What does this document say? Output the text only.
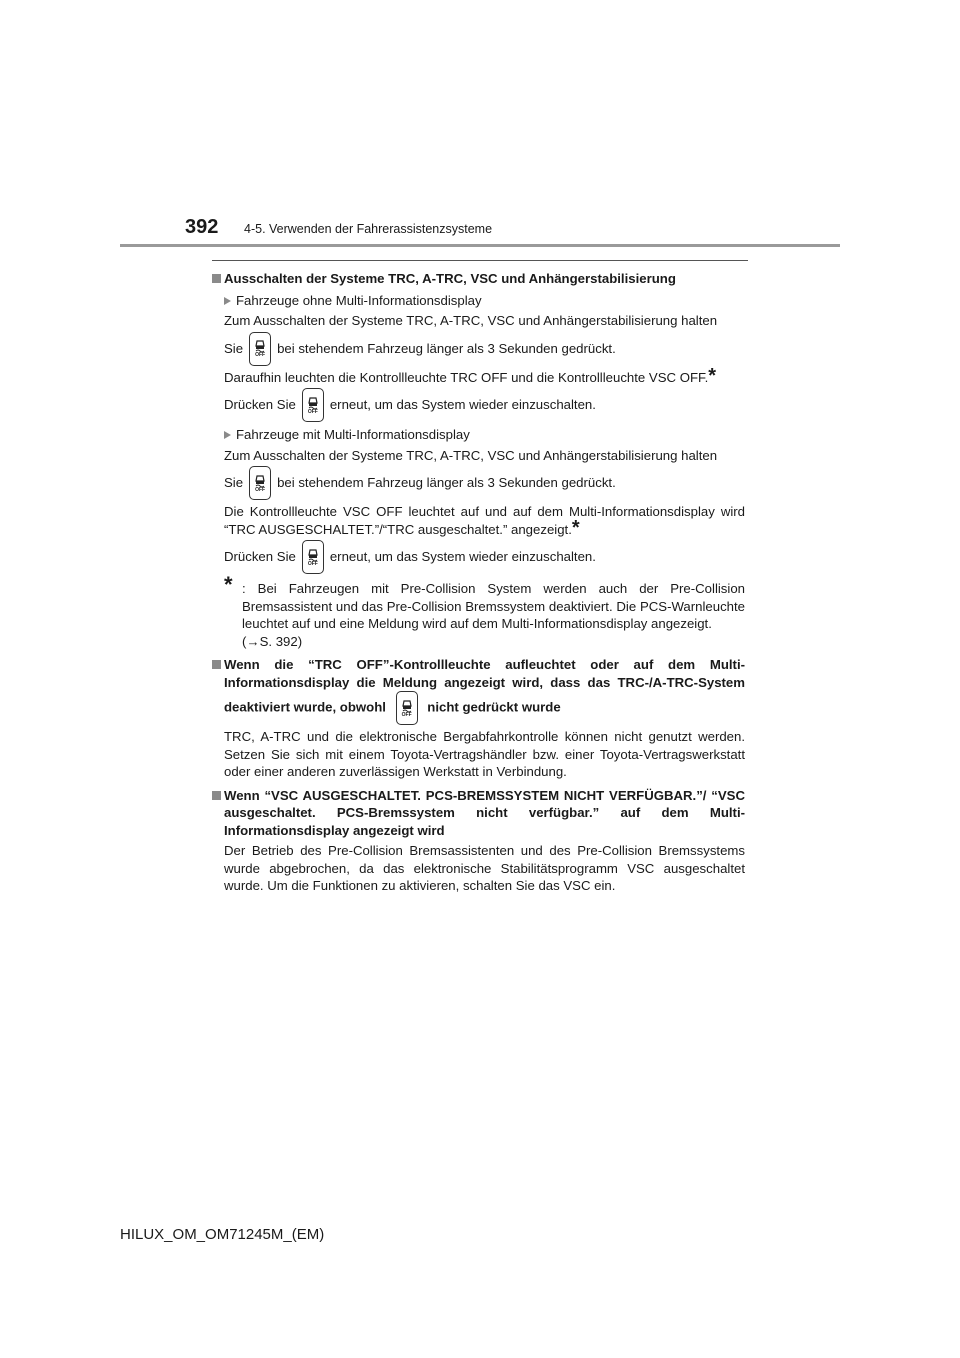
392 4-5. Verwenden der Fahrerassistenzsysteme
Ausschalten der Systeme TRC, A-TRC, VSC und Anhängerstabilisierung
Fahrzeuge ohne Multi-Informationsdisplay
Zum Ausschalten der Systeme TRC, A-TRC, VSC und Anhängerstabilisierung halten
Sie OFF bei stehendem Fahrzeug länger als 3 Sekunden gedrückt.
Daraufhin leuchten die Kontrollleuchte TRC OFF und die Kontrollleuchte VSC OFF.*
Drücken Sie OFF erneut, um das System wieder einzuschalten.
Fahrzeuge mit Multi-Informationsdisplay
Zum Ausschalten der Systeme TRC, A-TRC, VSC und Anhängerstabilisierung halten
Sie OFF bei stehendem Fahrzeug länger als 3 Sekunden gedrückt.
Die Kontrollleuchte VSC OFF leuchtet auf und auf dem Multi-Informationsdisplay wird “TRC AUSGESCHALTET.”/“TRC ausgeschaltet.” angezeigt.*
Drücken Sie OFF erneut, um das System wieder einzuschalten.
* : Bei Fahrzeugen mit Pre-Collision System werden auch der Pre-Collision Bremsassistent und das Pre-Collision Bremssystem deaktiviert. Die PCS-Warnleuchte leuchtet auf und eine Meldung wird auf dem Multi-Informationsdisplay angezeigt.
(→S. 392)
Wenn die “TRC OFF”-Kontrollleuchte aufleuchtet oder auf dem Multi-Informationsdisplay die Meldung angezeigt wird, dass das TRC-/A-TRC-System deaktiviert wurde, obwohl
OFF
nicht gedrückt wurde
TRC, A-TRC und die elektronische Bergabfahrkontrolle können nicht genutzt werden. Setzen Sie sich mit einem Toyota-Vertragshändler bzw. einer Toyota-Vertragswerkstatt oder einer anderen zuverlässigen Werkstatt in Verbindung.
Wenn “VSC AUSGESCHALTET. PCS-BREMSSYSTEM NICHT VERFÜGBAR.”/ “VSC ausgeschaltet. PCS-Bremssystem nicht verfügbar.” auf dem Multi-Informationsdisplay angezeigt wird
Der Betrieb des Pre-Collision Bremsassistenten und des Pre-Collision Bremssystems wurde abgebrochen, da das elektronische Stabilitätsprogramm VSC ausgeschaltet wurde. Um die Funktionen zu aktivieren, schalten Sie das VSC ein.
HILUX_OM_OM71245M_(EM)
